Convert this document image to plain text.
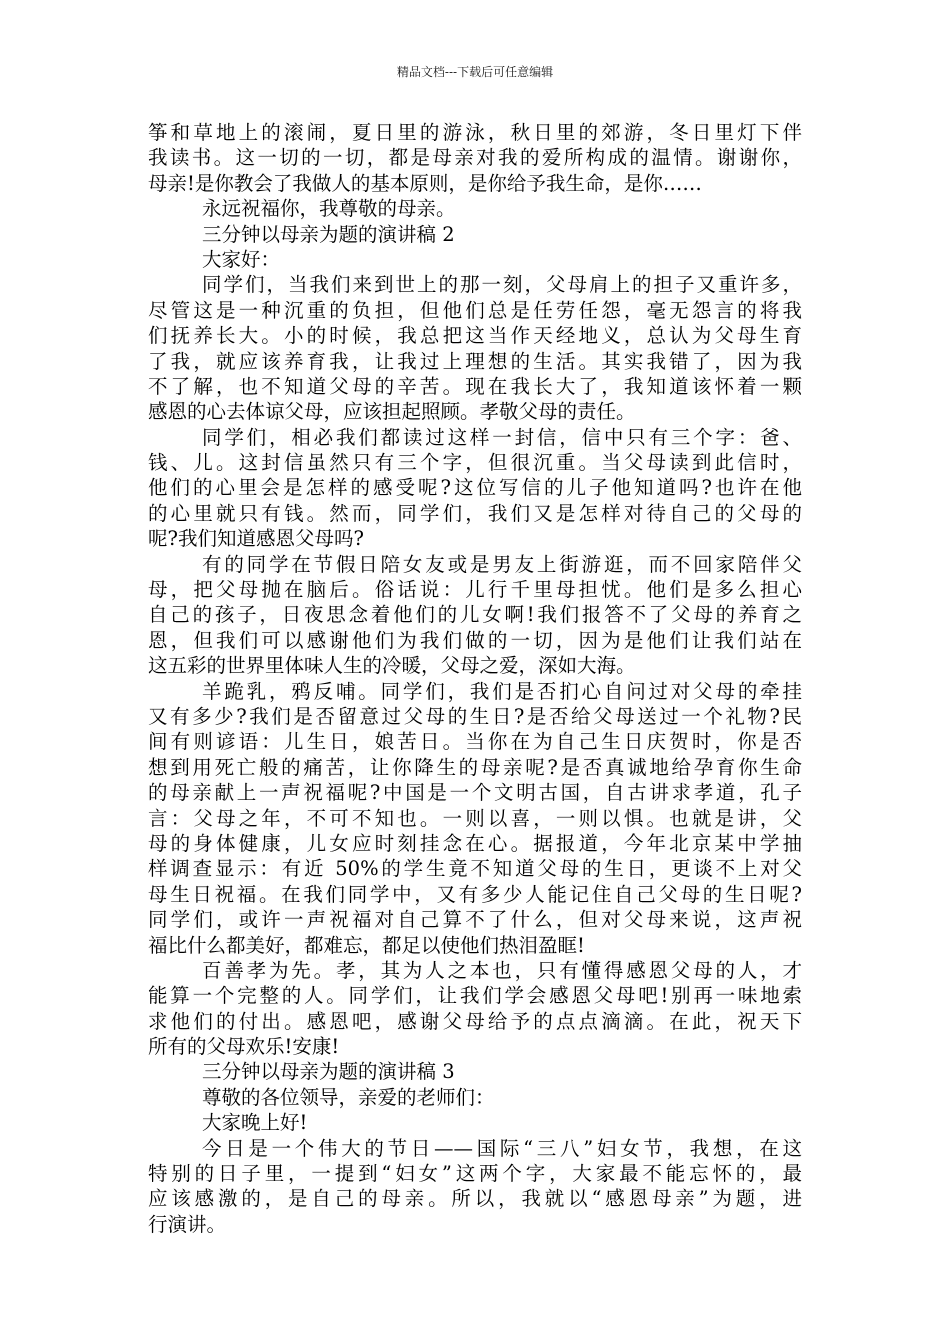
精品文档---下载后可任意编辑
筝和草地上的滚闹，夏日里的游泳，秋日里的郊游，冬日里灯下伴
我读书。这一切的一切，都是母亲对我的爱所构成的温情。谢谢你，
母亲!是你教会了我做人的基本原则，是你给予我生命，是你……
永远祝福你，我尊敬的母亲。
三分钟以母亲为题的演讲稿 2
大家好：
同学们，当我们来到世上的那一刻，父母肩上的担子又重许多，
尽管这是一种沉重的负担，但他们总是任劳任怨，毫无怨言的将我
们抚养长大。小的时候，我总把这当作天经地义，总认为父母生育
了我，就应该养育我，让我过上理想的生活。其实我错了，因为我
不了解，也不知道父母的辛苦。现在我长大了，我知道该怀着一颗
感恩的心去体谅父母，应该担起照顾。孝敬父母的责任。
同学们，相必我们都读过这样一封信，信中只有三个字：爸、
钱、儿。这封信虽然只有三个字，但很沉重。当父母读到此信时，
他们的心里会是怎样的感受呢?这位写信的儿子他知道吗?也许在他
的心里就只有钱。然而，同学们，我们又是怎样对待自己的父母的
呢?我们知道感恩父母吗?
有的同学在节假日陪女友或是男友上街游逛，而不回家陪伴父
母，把父母抛在脑后。俗话说：儿行千里母担忧。他们是多么担心
自己的孩子，日夜思念着他们的儿女啊!我们报答不了父母的养育之
恩，但我们可以感谢他们为我们做的一切，因为是他们让我们站在
这五彩的世界里体味人生的冷暖，父母之爱，深如大海。
羊跪乳，鸦反哺。同学们，我们是否扪心自问过对父母的牵挂
又有多少?我们是否留意过父母的生日?是否给父母送过一个礼物?民
间有则谚语：儿生日，娘苦日。当你在为自己生日庆贺时，你是否
想到用死亡般的痛苦，让你降生的母亲呢?是否真诚地给孕育你生命
的母亲献上一声祝福呢?中国是一个文明古国，自古讲求孝道，孔子
言：父母之年，不可不知也。一则以喜，一则以惧。也就是讲，父
母的身体健康，儿女应时刻挂念在心。据报道，今年北京某中学抽
样调查显示：有近 50%的学生竟不知道父母的生日，更谈不上对父
母生日祝福。在我们同学中，又有多少人能记住自己父母的生日呢?
同学们，或许一声祝福对自己算不了什么，但对父母来说，这声祝
福比什么都美好，都难忘，都足以使他们热泪盈眶!
百善孝为先。孝，其为人之本也，只有懂得感恩父母的人，才
能算一个完整的人。同学们，让我们学会感恩父母吧!别再一味地索
求他们的付出。感恩吧，感谢父母给予的点点滴滴。在此，祝天下
所有的父母欢乐!安康!
三分钟以母亲为题的演讲稿 3
尊敬的各位领导，亲爱的老师们：
大家晚上好!
今日是一个伟大的节日——国际“三八”妇女节，我想，在这
特别的日子里，一提到“妇女”这两个字，大家最不能忘怀的，最
应该感激的，是自己的母亲。所以，我就以“感恩母亲”为题，进
行演讲。
